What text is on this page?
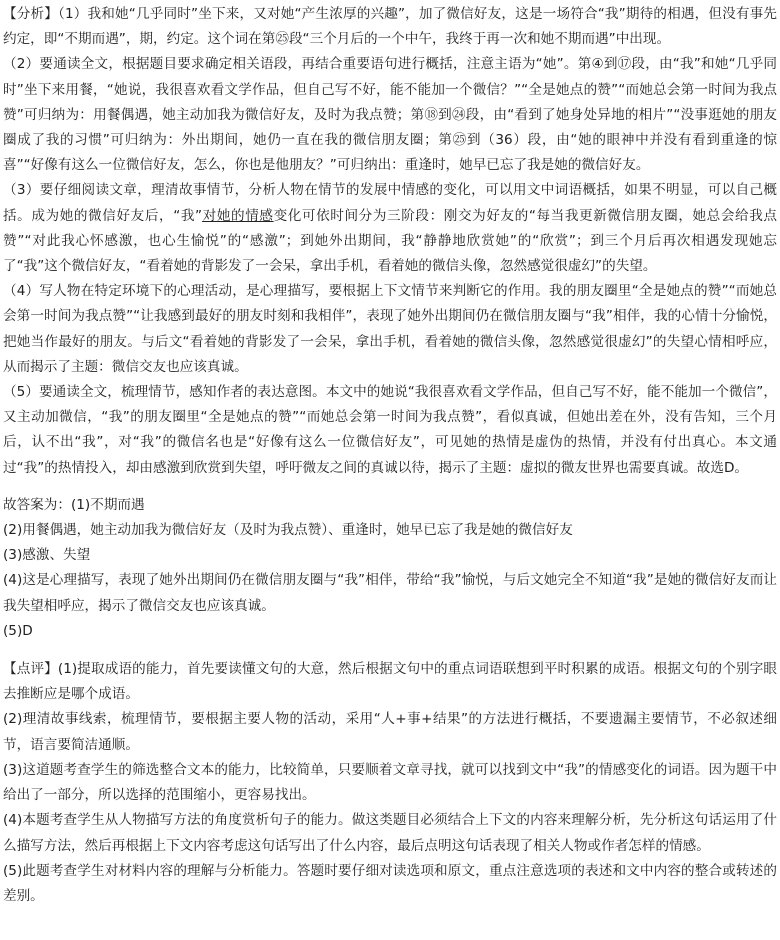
【分析】（1）我和她“几乎同时”坐下来，又对她“产生浓厚的兴趣”，加了微信好友，这是一场符合“我”期待的相遇，但没有事先约定，即“不期而遇”，期，约定。这个词在第㉕段“三个月后的一个中午，我终于再一次和她不期而遇”中出现。

（2）要通读全文，根据题目要求确定相关语段，再结合重要语句进行概括，注意主语为“她”。第④到⑰段，由“我”和她“几乎同时”坐下来用餐，“她说，我很喜欢看文学作品，但自己写不好，能不能加一个微信？”“全是她点的赞”“而她总会第一时间为我点赞”可归纳为：用餐偶遇，她主动加我为微信好友，及时为我点赞；第⑱到㉔段，由“看到了她身处异地的相片”“没事逛她的朋友圈成了我的习惯”可归纳为：外出期间，她仍一直在我的微信朋友圈；第㉕到（36）段，由“她的眼神中并没有看到重逢的惊喜”“好像有这么一位微信好友，怎么，你也是他朋友？”可归纳出：重逢时，她早已忘了我是她的微信好友。

（3）要仔细阅读文章，理清故事情节，分析人物在情节的发展中情感的变化，可以用文中词语概括，如果不明显，可以自己概括。成为她的微信好友后，“我”对她的情感变化可依时间分为三阶段：刚交为好友的“每当我更新微信朋友圈，她总会给我点赞”“对此我心怀感激，也心生愉悦”的“感激”；到她外出期间，我“静静地欣赏她”的“欣赏”；到三个月后再次相遇发现她忘了“我”这个微信好友，“看着她的背影发了一会呆，拿出手机，看着她的微信头像，忽然感觉很虚幻”的失望。

（4）写人物在特定环境下的心理活动，是心理描写，要根据上下文情节来判断它的作用。我的朋友圈里“全是她点的赞”“而她总会第一时间为我点赞”“让我感到最好的朋友时刻和我相伴”，表现了她外出期间仍在微信朋友圈与“我”相伴，我的心情十分愉悦，把她当作最好的朋友。与后文“看着她的背影发了一会呆，拿出手机，看着她的微信头像，忽然感觉很虚幻”的失望心情相呼应，从而揭示了主题：微信交友也应该真诚。

（5）要通读全文，梳理情节，感知作者的表达意图。本文中的她说“我很喜欢看文学作品，但自己写不好，能不能加一个微信”，又主动加微信，“我”的朋友圈里“全是她点的赞”“而她总会第一时间为我点赞”，看似真诚，但她出差在外，没有告知，三个月后，认不出“我”，对“我”的微信名也是“好像有这么一位微信好友”，可见她的热情是虚伪的热情，并没有付出真心。本文通过“我”的热情投入，却由感激到欣赏到失望，呼吁微友之间的真诚以待，揭示了主题：虚拟的微友世界也需要真诚。故选D。

故答案为：(1)不期而遇

(2)用餐偶遇，她主动加我为微信好友（及时为我点赞）、重逢时，她早已忘了我是她的微信好友

(3)感激、失望

(4)这是心理描写，表现了她外出期间仍在微信朋友圈与“我”相伴，带给“我”愉悦，与后文她完全不知道“我”是她的微信好友而让我失望相呼应，揭示了微信交友也应该真诚。

(5)D

【点评】(1)提取成语的能力，首先要读懂文句的大意，然后根据文句中的重点词语联想到平时积累的成语。根据文句的个别字眼去推断应是哪个成语。

(2)理清故事线索，梳理情节，要根据主要人物的活动，采用“人+事+结果”的方法进行概括，不要遗漏主要情节，不必叙述细节，语言要简洁通顺。

(3)这道题考查学生的筛选整合文本的能力，比较简单，只要顺着文章寻找，就可以找到文中“我”的情感变化的词语。因为题干中给出了一部分，所以选择的范围缩小，更容易找出。

(4)本题考查学生从人物描写方法的角度赏析句子的能力。做这类题目必须结合上下文的内容来理解分析，先分析这句话运用了什么描写方法，然后再根据上下文内容考虑这句话写出了什么内容，最后点明这句话表现了相关人物或作者怎样的情感。

(5)此题考查学生对材料内容的理解与分析能力。答题时要仔细对读选项和原文，重点注意选项的表述和文中内容的整合或转述的差别。
